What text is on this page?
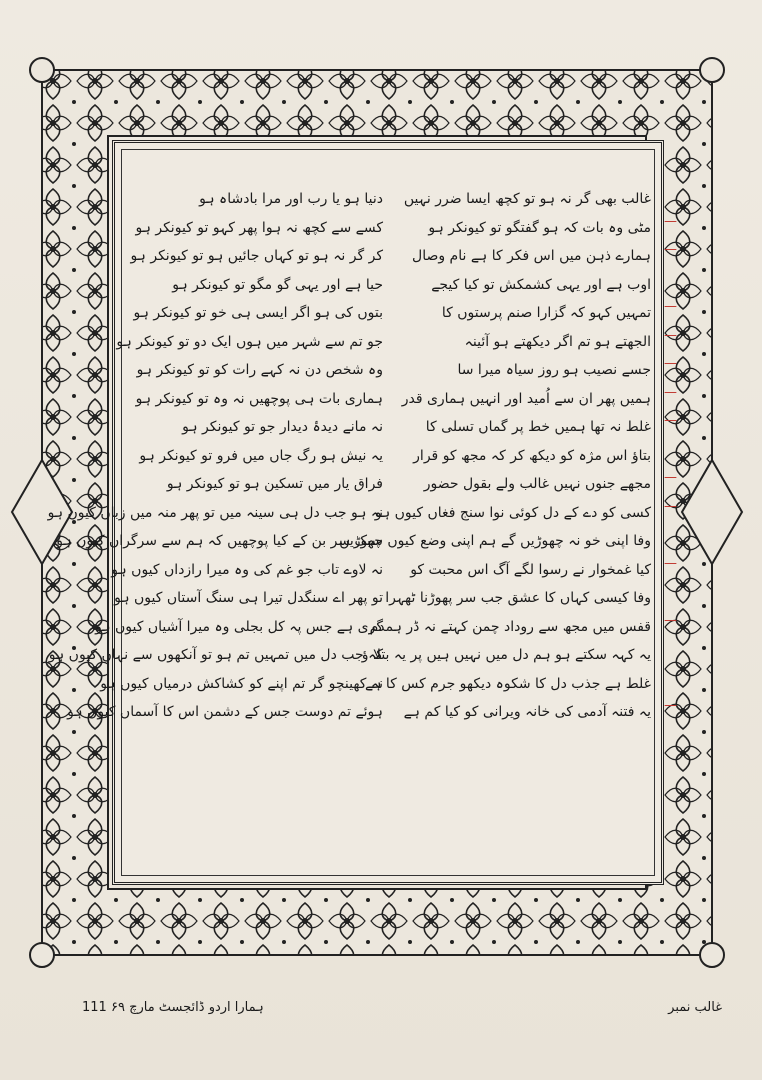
غالب بھی گر نہ ہو تو کچھ ایسا ضرر نہیں
مٹی وہ بات کہ ہو گفتگو تو کیونکر ہو —
ہمارے ذہن میں اس فکر کا ہے نام وصال —
اوب ہے اور یہی کشمکش تو کیا کیجے
تمہیں کہو کہ گزارا صنم پرستوں کا —
الجھتے ہو تم اگر دیکھتے ہو آئینہ —
جسے نصیب ہو روز سیاہ میرا سا —
ہمیں پھر ان سے اُمید اور انہیں ہماری قدر —
غلط نہ تھا ہمیں خط پر گماں تسلی کا —
بتاؤ اس مژہ کو دیکھ کر کہ مجھ کو قرار
مجھے جنوں نہیں غالب ولے بقول حضور —
کسی کو دے کے دل کوئی نوا سنج فغاں کیوں ہو —
وفا اپنی خو نہ چھوڑیں گے ہم اپنی وضع کیوں چھوڑیں
کیا غمخوار نے رسوا لگے آگ اس محبت کو —
وفا کیسی کہاں کا عشق جب سر پھوڑنا ٹھہرا
قفس میں مجھ سے روداد چمن کہتے نہ ڈر ہمدم —
یہ کہہ سکتے ہو ہم دل میں نہیں ہیں پر یہ بتلا ؤ
غلط ہے جذب دل کا شکوہ دیکھو جرم کس کا ہے
یہ فتنہ آدمی کی خانہ ویرانی کو کیا کم ہے —
دنیا ہو یا رب اور مرا بادشاہ ہو
کسے سے کچھ نہ ہوا پھر کہو تو کیونکر ہو
کر گر نہ ہو تو کہاں جائیں ہو تو کیونکر ہو
حیا ہے اور یہی گو مگو تو کیونکر ہو
بتوں کی ہو اگر ایسی ہی خو تو کیونکر ہو
جو تم سے شہر میں ہوں ایک دو تو کیونکر ہو
وہ شخص دن نہ کہے رات کو تو کیونکر ہو
ہماری بات ہی پوچھیں نہ وہ تو کیونکر ہو
نہ مانے دیدۂ دیدار جو تو کیونکر ہو
یہ نیش ہو رگ جاں میں فرو تو کیونکر ہو
فراق یار میں تسکین ہو تو کیونکر ہو
نہ ہو جب دل ہی سینہ میں تو پھر منہ میں زباں کیوں ہو
سبک سر بن کے کیا پوچھیں کہ ہم سے سرگراں کیوں ہو
نہ لاوے تاب جو غم کی وہ میرا رازداں کیوں ہو
تو پھر اے سنگدل تیرا ہی سنگ آستاں کیوں ہو
گری ہے جس پہ کل بجلی وہ میرا آشیاں کیوں ہو
کہ جب دل میں تمہیں تم ہو تو آنکھوں سے نہاں کیوں ہو
نہ کھینچو گر تم اپنے کو کشاکش درمیاں کیوں ہو
ہوئے تم دوست جس کے دشمن اس کا آسماں کیوں ہو
ہمارا اردو ڈائجسٹ مارچ ۶۹ 111	غالب نمبر
